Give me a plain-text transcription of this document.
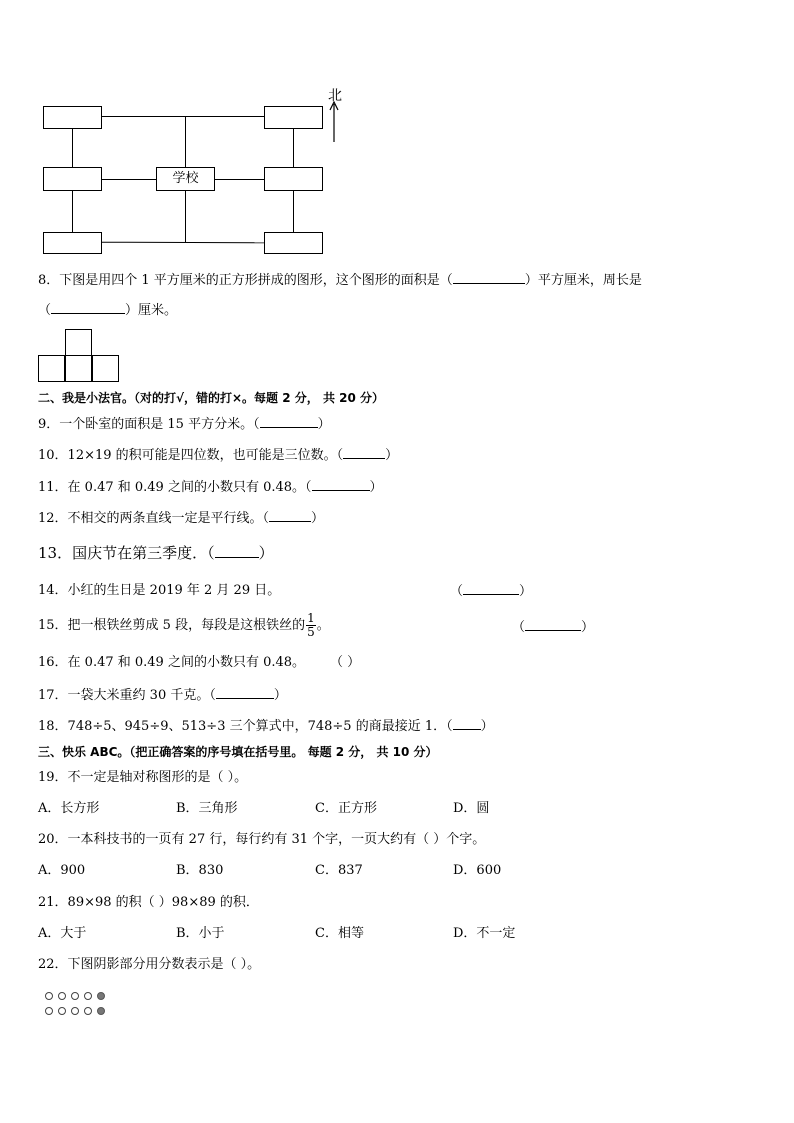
学校
北
8．下图是用四个 1 平方厘米的正方形拼成的图形，这个图形的面积是（	）平方厘米，周长是
（	）厘米。
二、我是小法官。（对的打√，错的打×。每题 2 分， 共 20 分）
9．一个卧室的面积是 15 平方分米。（	）
10．12×19 的积可能是四位数，也可能是三位数。（	）
11．在 0.47 和 0.49 之间的小数只有 0.48。（	）
12．不相交的两条直线一定是平行线。（	）
13．国庆节在第三季度．（	）
14．小红的生日是 2019 年 2 月 29 日。	（	）
15．把一根铁丝剪成 5 段，每段是这根铁丝的 $\frac{1}{5}$ 。	（	）
16．在 0.47 和 0.49 之间的小数只有 0.48。 （ ）
17．一袋大米重约 30 千克。（	）
18．748÷5、945÷9、513÷3 三个算式中，748÷5 的商最接近 1．（ ）
三、快乐 ABC。（把正确答案的序号填在括号里。 每题 2 分， 共 10 分）
19．不一定是轴对称图形的是（ ）。
A．长方形	B．三角形	C．正方形	D．圆
20．一本科技书的一页有 27 行，每行约有 31 个字，一页大约有（ ）个字。
A．900	B．830	C．837	D．600
21．89×98 的积（ ）98×89 的积．
A．大于	B．小于	C．相等	D．不一定
22．下图阴影部分用分数表示是（ ）。
